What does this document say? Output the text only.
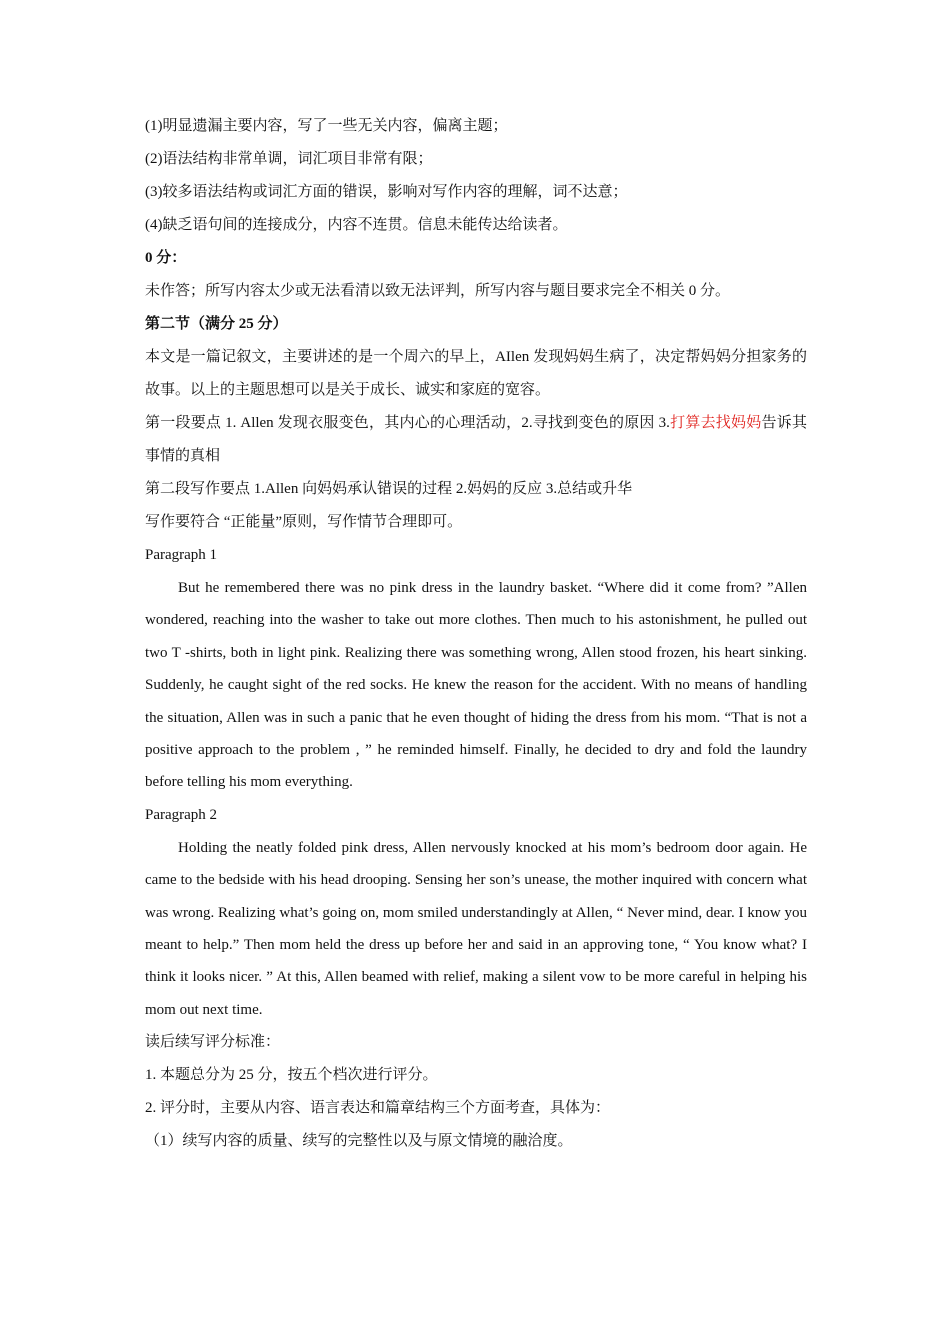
(1)明显遗漏主要内容，写了一些无关内容，偏离主题；
(2)语法结构非常单调，词汇项目非常有限；
(3)较多语法结构或词汇方面的错误，影响对写作内容的理解，词不达意；
(4)缺乏语句间的连接成分，内容不连贯。信息未能传达给读者。
0 分：
未作答；所写内容太少或无法看清以致无法评判，所写内容与题目要求完全不相关 0 分。
第二节（满分 25 分）
本文是一篇记叙文，主要讲述的是一个周六的早上，AIlen 发现妈妈生病了，决定帮妈妈分担家务的故事。以上的主题思想可以是关于成长、诚实和家庭的宽容。
第一段要点 1. Allen 发现衣服变色，其内心的心理活动，2.寻找到变色的原因 3.打算去找妈妈告诉其事情的真相
第二段写作要点 1.Allen 向妈妈承认错误的过程 2.妈妈的反应 3.总结或升华
写作要符合 “正能量”原则，写作情节合理即可。
Paragraph 1
But he remembered there was no pink dress in the laundry basket. “Where did it come from? ”Allen wondered, reaching into the washer to take out more clothes. Then much to his astonishment, he pulled out two T -shirts, both in light pink. Realizing there was something wrong, Allen stood frozen, his heart sinking. Suddenly, he caught sight of the red socks. He knew the reason for the accident. With no means of handling the situation, Allen was in such a panic that he even thought of hiding the dress from his mom. “That is not a positive approach to the problem , ” he reminded himself. Finally, he decided to dry and fold the laundry before telling his mom everything.
Paragraph 2
Holding the neatly folded pink dress, Allen nervously knocked at his mom’s bedroom door again. He came to the bedside with his head drooping. Sensing her son’s unease, the mother inquired with concern what was wrong. Realizing what’s going on, mom smiled understandingly at Allen, “ Never mind, dear. I know you meant to help.” Then mom held the dress up before her and said in an approving tone, “ You know what? I think it looks nicer. ” At this, Allen beamed with relief, making a silent vow to be more careful in helping his mom out next time.
读后续写评分标准：
1. 本题总分为 25 分，按五个档次进行评分。
2. 评分时，主要从内容、语言表达和篇章结构三个方面考查，具体为：
（1）续写内容的质量、续写的完整性以及与原文情境的融洽度。
